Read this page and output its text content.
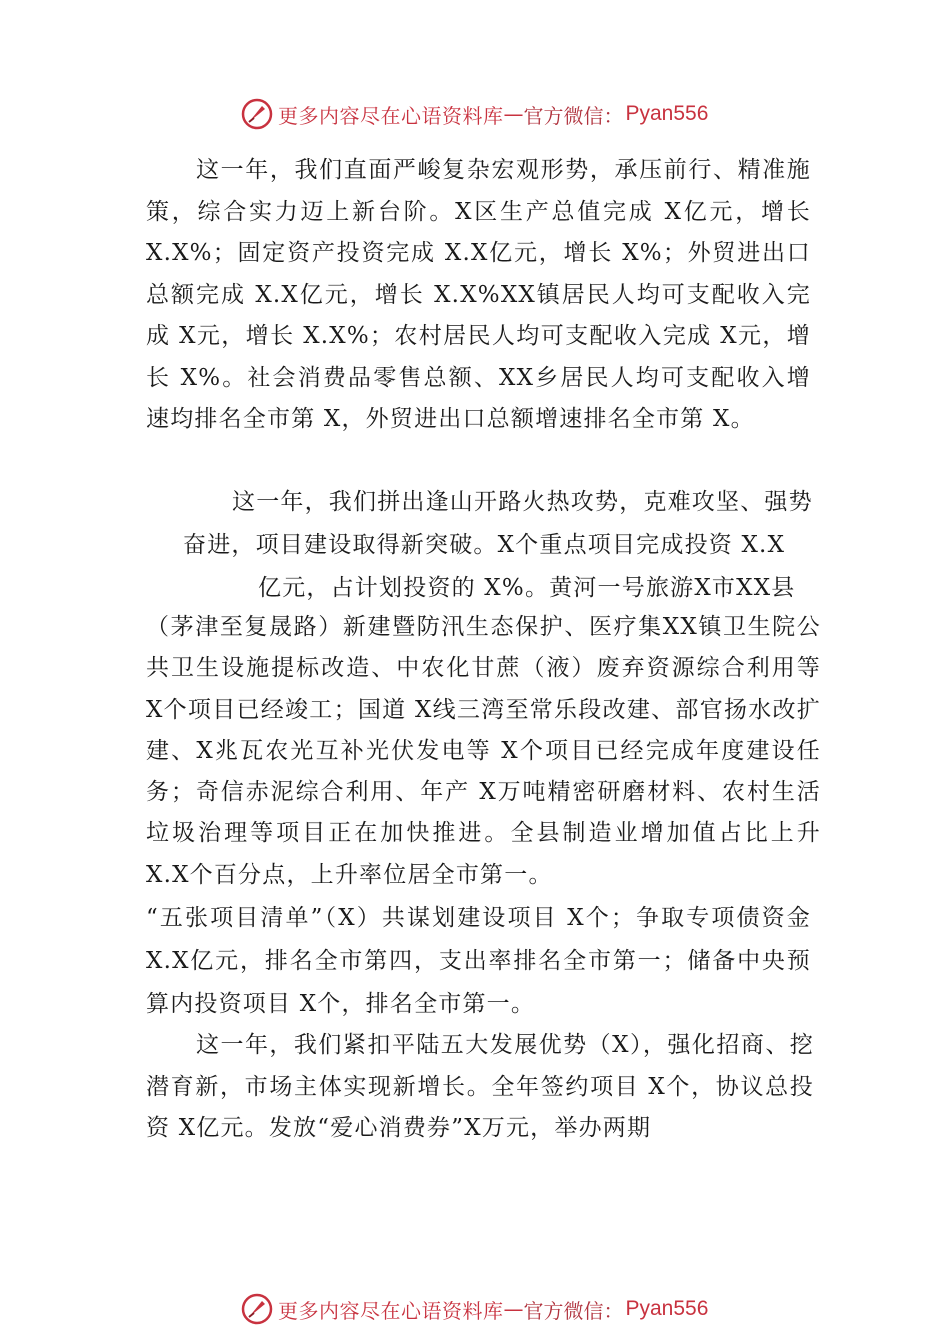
更多内容尽在心语资料库 — 官方微信： Pyan556

这一年，我们直面严峻复杂宏观形势，承压前行、精准施策，综合实力迈上新台阶。X区生产总值完成 X亿元，增长 X.X%；固定资产投资完成 X.X亿元，增长 X%；外贸进出口总额完成 X.X亿元，增长 X.X%XX镇居民人均可支配收入完成 X元，增长 X.X%；农村居民人均可支配收入完成 X元，增长 X%。社会消费品零售总额、XX乡居民人均可支配收入增速均排名全市第 X，外贸进出口总额增速排名全市第 X。

这一年，我们拼出逢山开路火热攻势，克难攻坚、强势

奋进，项目建设取得新突破。X个重点项目完成投资 X.X

亿元，占计划投资的 X%。黄河一号旅游X市XX县

（茅津至复晟路）新建暨防汛生态保护、医疗集XX镇卫生院公共卫生设施提标改造、中农化甘蔗（液）废弃资源综合利用等 X个项目已经竣工；国道 X线三湾至常乐段改建、部官扬水改扩建、X兆瓦农光互补光伏发电等 X个项目已经完成年度建设任务；奇信赤泥综合利用、年产 X万吨精密研磨材料、农村生活垃圾治理等项目正在加快推进。全县制造业增加值占比上升 X.X个百分点，上升率位居全市第一。

“五张项目清单”（X）共谋划建设项目 X个；争取专项债资金 X.X亿元，排名全市第四，支出率排名全市第一；储备中央预算内投资项目 X个，排名全市第一。

这一年，我们紧扣平陆五大发展优势（X），强化招商、挖潜育新，市场主体实现新增长。全年签约项目 X个，协议总投资 X亿元。发放“爱心消费券”X万元，举办两期

更多内容尽在心语资料库 — 官方微信： Pyan556
